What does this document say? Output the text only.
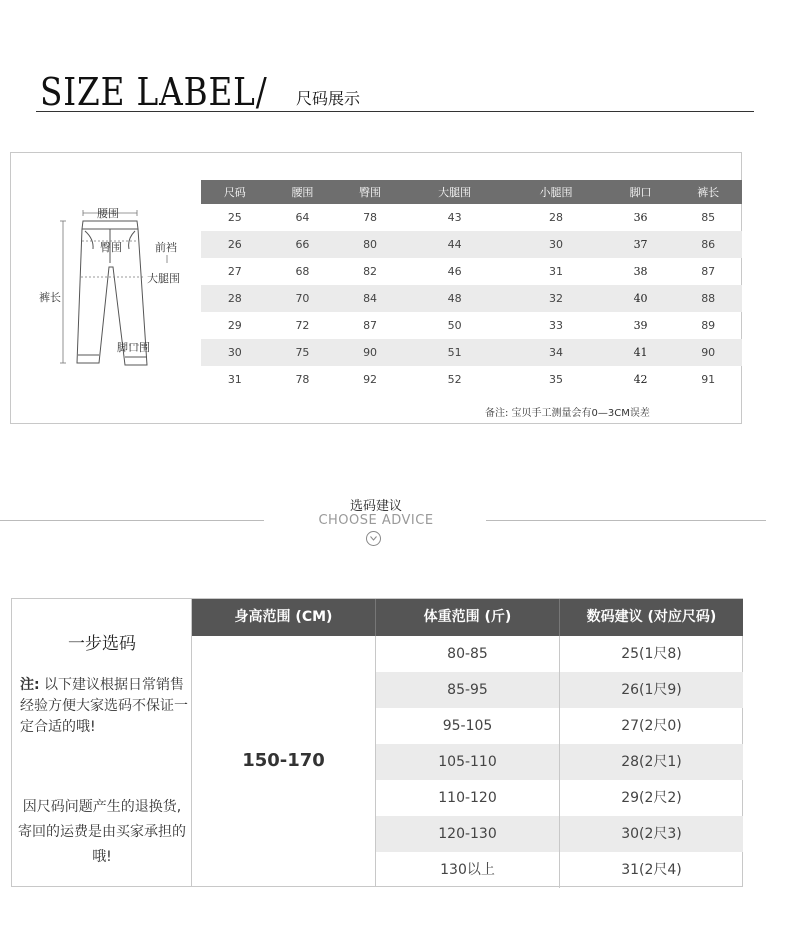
SIZE LABEL/ 尺码展示
腰围
臀围	前裆
大腿围
裤长
脚口围
尺码	腰围	臀围	大腿围	小腿围	脚口	裤长
25	64	78	43	28	36	85
26	66	80	44	30	37	86
27	68	82	46	31	38	87
28	70	84	48	32	40	88
29	72	87	50	33	39	89
30	75	90	51	34	41	90
31	78	92	52	35	42	91
备注: 宝贝手工测量会有0—3CM误差
选码建议
CHOOSE ADVICE
一步选码
注: 以下建议根据日常销售经验方便大家选码不保证一定合适的哦!
因尺码问题产生的退换货, 寄回的运费是由买家承担的哦!
身高范围 (CM)	体重范围 (斤)	数码建议 (对应尺码)
150-170
80-85	25(1尺8)
85-95	26(1尺9)
95-105	27(2尺0)
105-110	28(2尺1)
110-120	29(2尺2)
120-130	30(2尺3)
130以上	31(2尺4)
